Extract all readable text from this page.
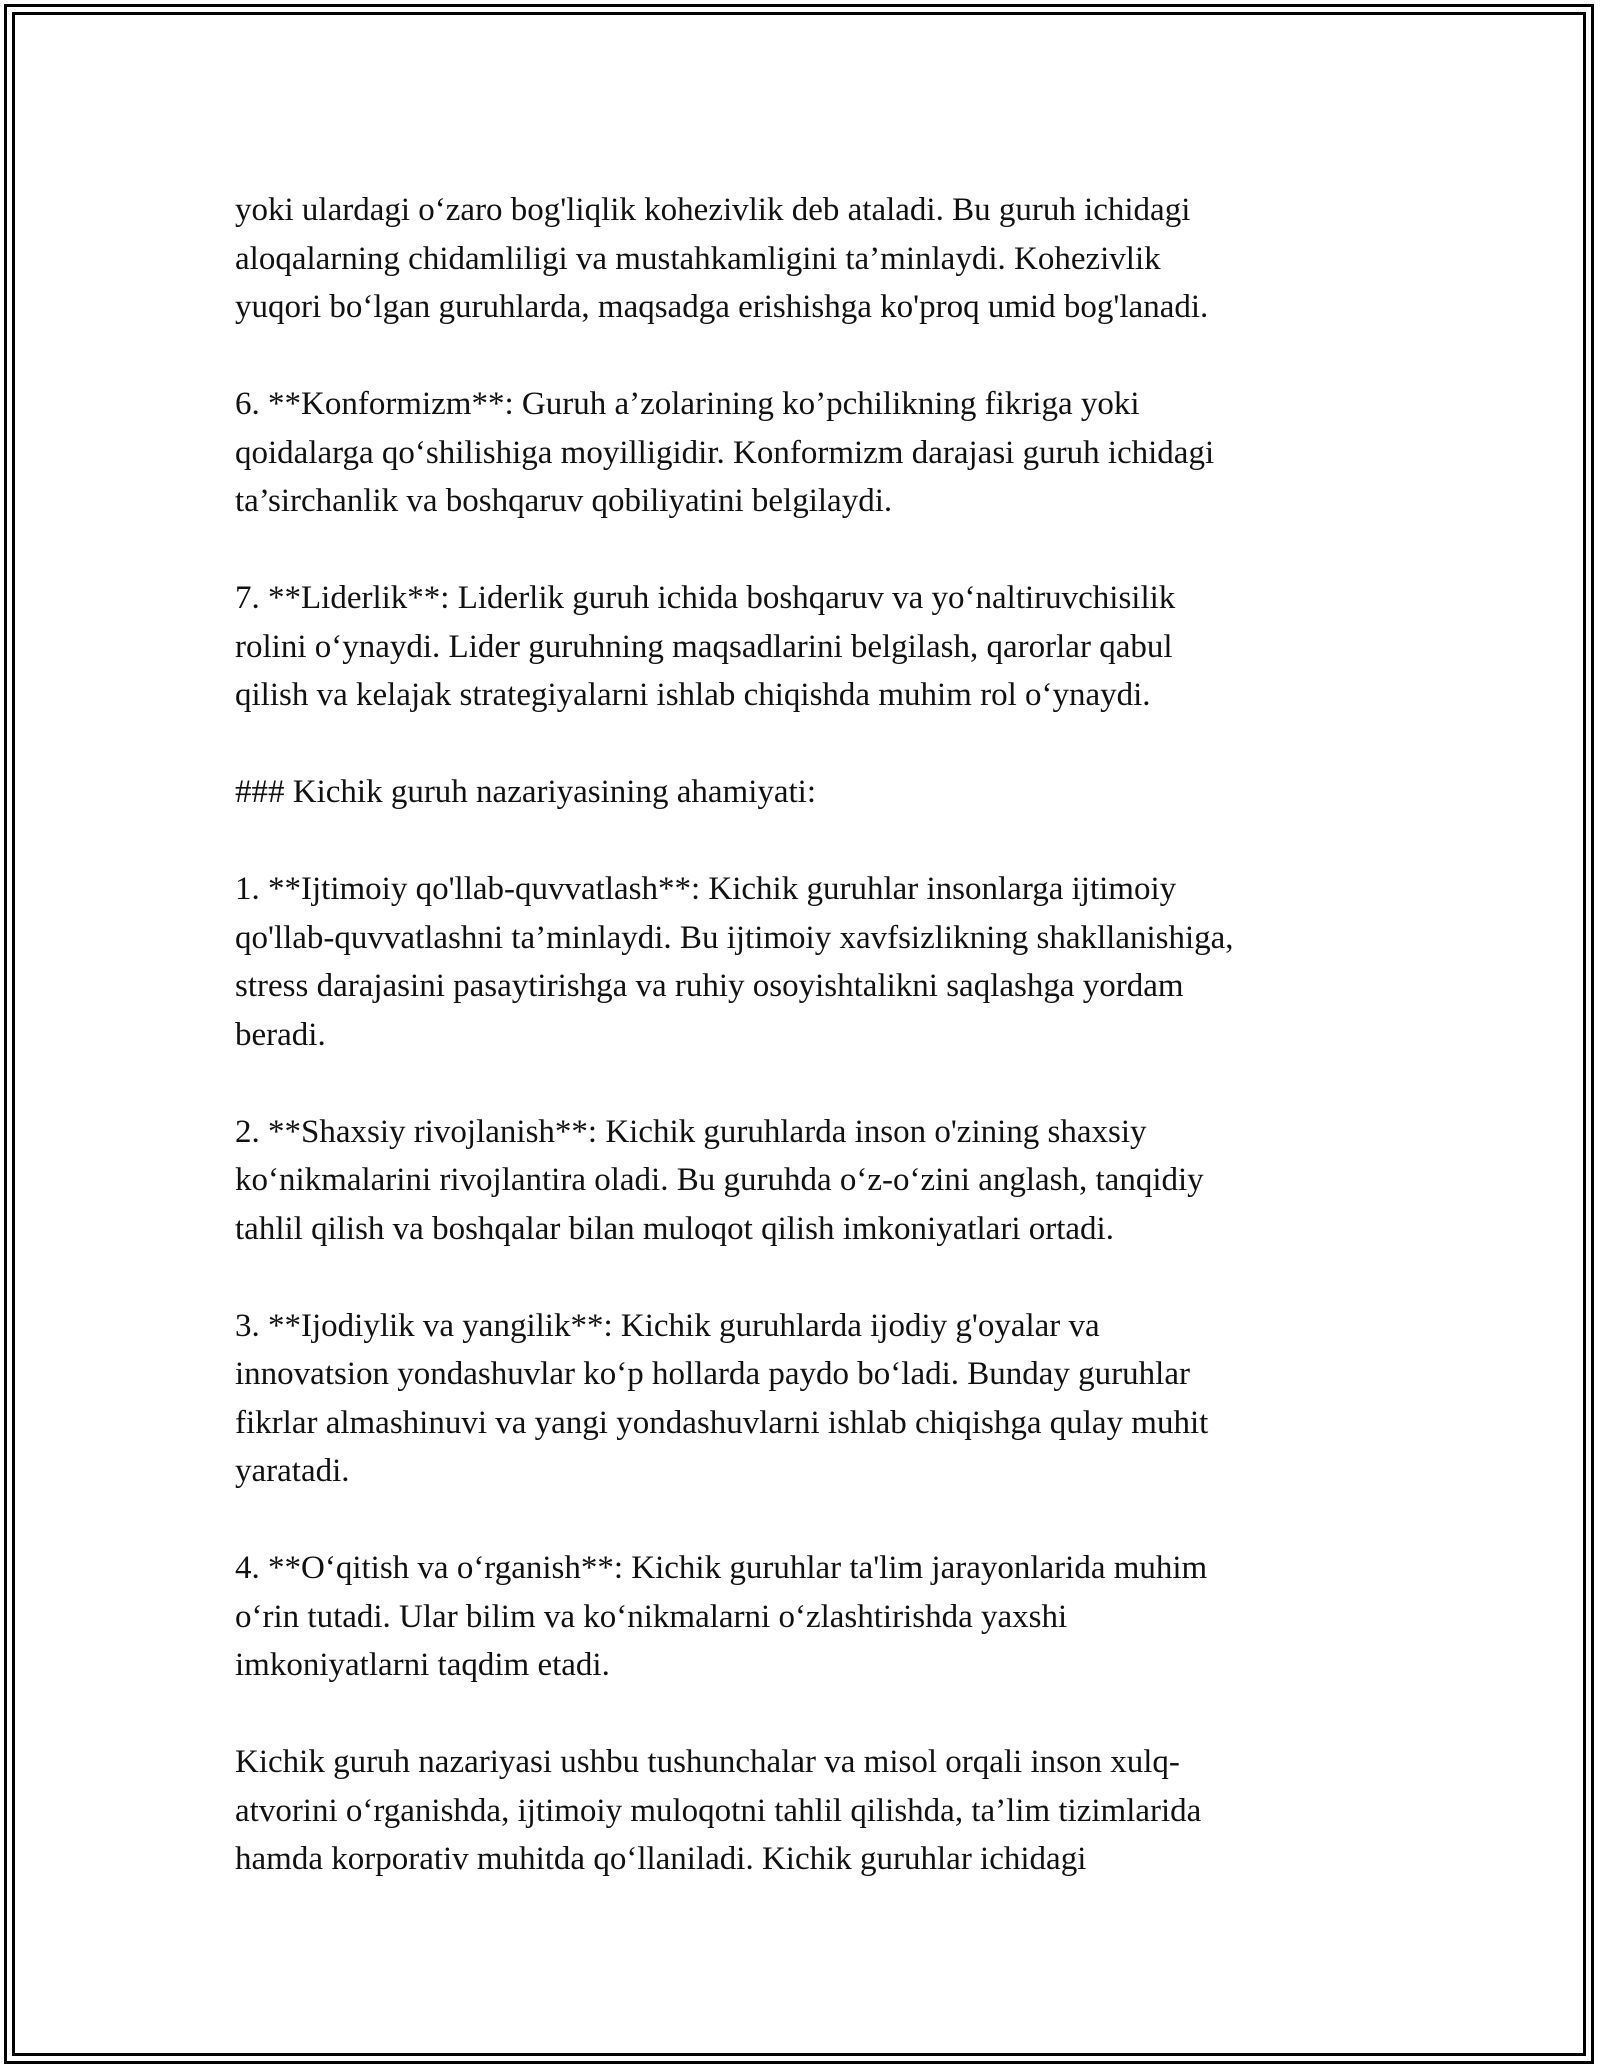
yoki ulardagi o‘zaro bog'liqlik kohezivlik deb ataladi. Bu guruh ichidagi
aloqalarning chidamliligi va mustahkamligini ta’minlaydi. Kohezivlik
yuqori bo‘lgan guruhlarda, maqsadga erishishga ko'proq umid bog'lanadi.

6. **Konformizm**: Guruh a’zolarining ko’pchilikning fikriga yoki
qoidalarga qo‘shilishiga moyilligidir. Konformizm darajasi guruh ichidagi
ta’sirchanlik va boshqaruv qobiliyatini belgilaydi.

7. **Liderlik**: Liderlik guruh ichida boshqaruv va yo‘naltiruvchisilik
rolini o‘ynaydi. Lider guruhning maqsadlarini belgilash, qarorlar qabul
qilish va kelajak strategiyalarni ishlab chiqishda muhim rol o‘ynaydi.

### Kichik guruh nazariyasining ahamiyati:

1. **Ijtimoiy qo'llab-quvvatlash**: Kichik guruhlar insonlarga ijtimoiy
qo'llab-quvvatlashni ta’minlaydi. Bu ijtimoiy xavfsizlikning shakllanishiga,
stress darajasini pasaytirishga va ruhiy osoyishtalikni saqlashga yordam
beradi.

2. **Shaxsiy rivojlanish**: Kichik guruhlarda inson o'zining shaxsiy
ko‘nikmalarini rivojlantira oladi. Bu guruhda o‘z-o‘zini anglash, tanqidiy
tahlil qilish va boshqalar bilan muloqot qilish imkoniyatlari ortadi.

3. **Ijodiylik va yangilik**: Kichik guruhlarda ijodiy g'oyalar va
innovatsion yondashuvlar ko‘p hollarda paydo bo‘ladi. Bunday guruhlar
fikrlar almashinuvi va yangi yondashuvlarni ishlab chiqishga qulay muhit
yaratadi.

4. **O‘qitish va o‘rganish**: Kichik guruhlar ta'lim jarayonlarida muhim
o‘rin tutadi. Ular bilim va ko‘nikmalarni o‘zlashtirishda yaxshi
imkoniyatlarni taqdim etadi.

Kichik guruh nazariyasi ushbu tushunchalar va misol orqali inson xulq-
atvorini o‘rganishda, ijtimoiy muloqotni tahlil qilishda, ta’lim tizimlarida
hamda korporativ muhitda qo‘llaniladi. Kichik guruhlar ichidagi
